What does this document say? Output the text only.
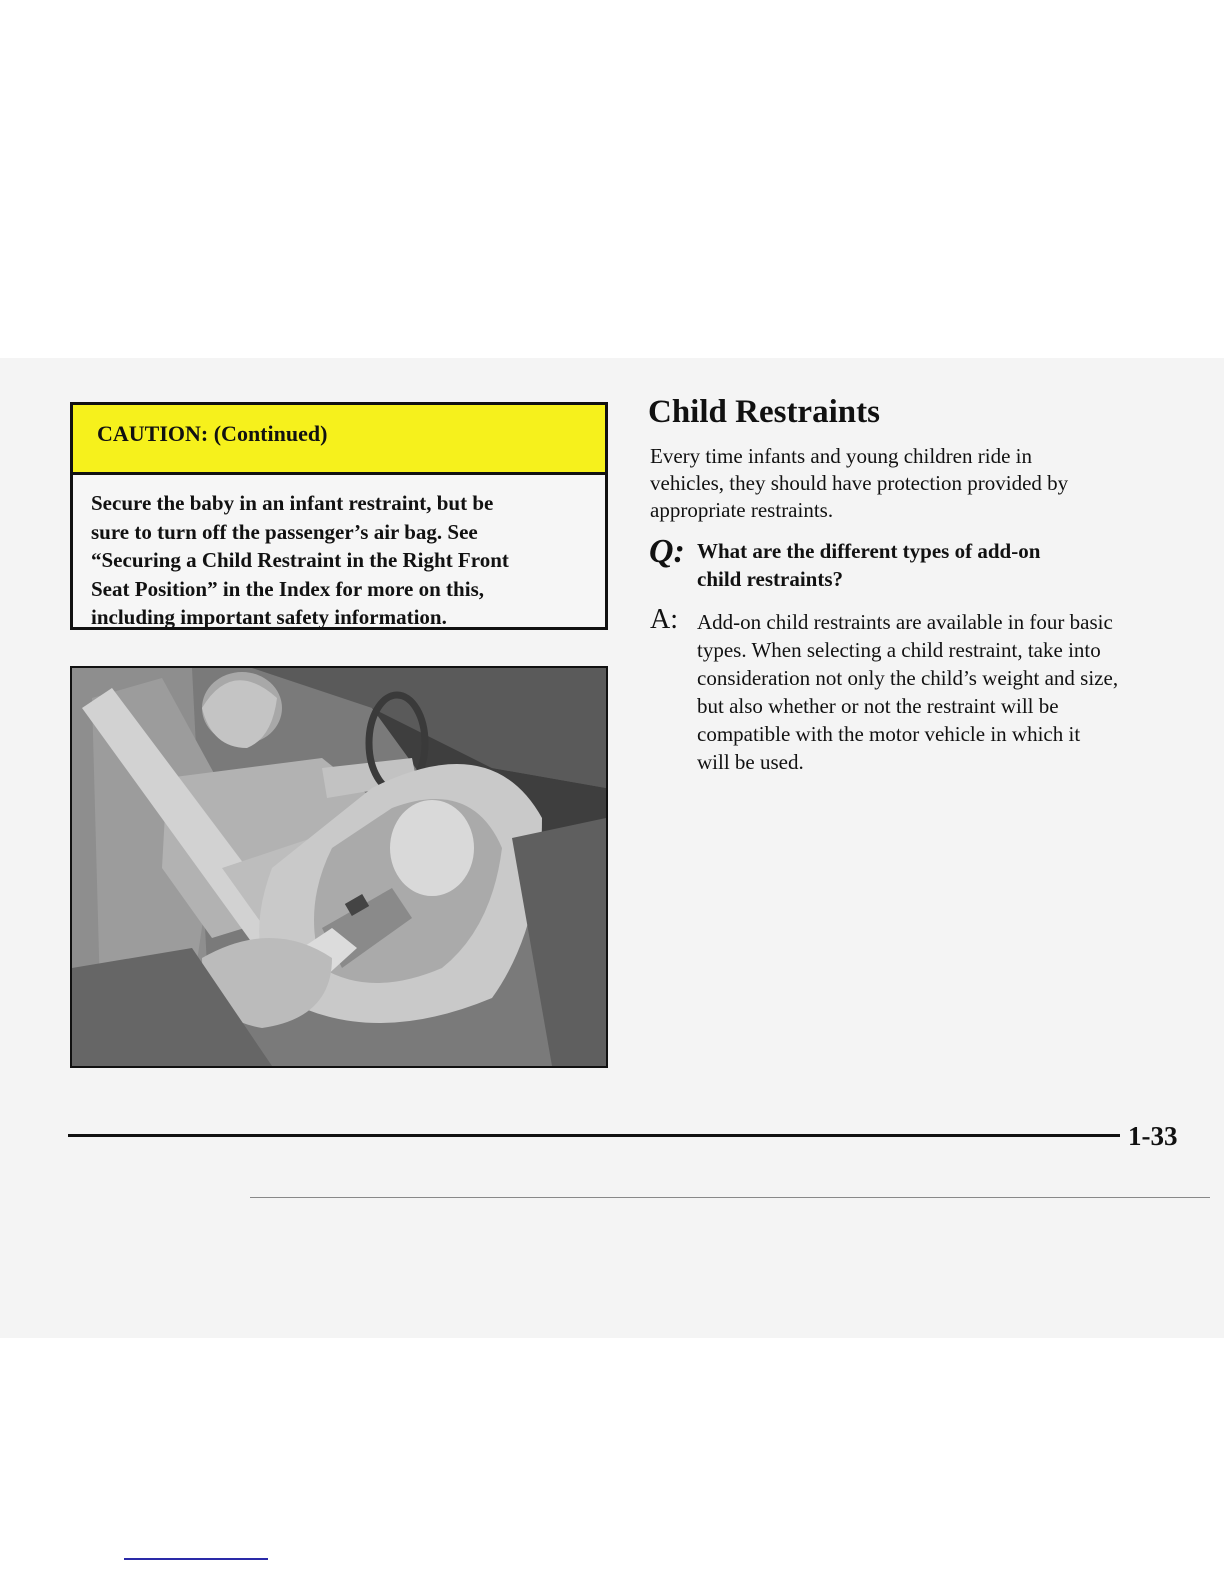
CAUTION: (Continued)
Secure the baby in an infant restraint, but be
sure to turn off the passenger’s air bag. See
“Securing a Child Restraint in the Right Front
Seat Position” in the Index for more on this,
including important safety information.
Child Restraints
Every time infants and young children ride in
vehicles, they should have protection provided by
appropriate restraints.
Q: What are the different types of add-on
child restraints?
A: Add-on child restraints are available in four basic
types. When selecting a child restraint, take into
consideration not only the child’s weight and size,
but also whether or not the restraint will be
compatible with the motor vehicle in which it
will be used.
1-33
